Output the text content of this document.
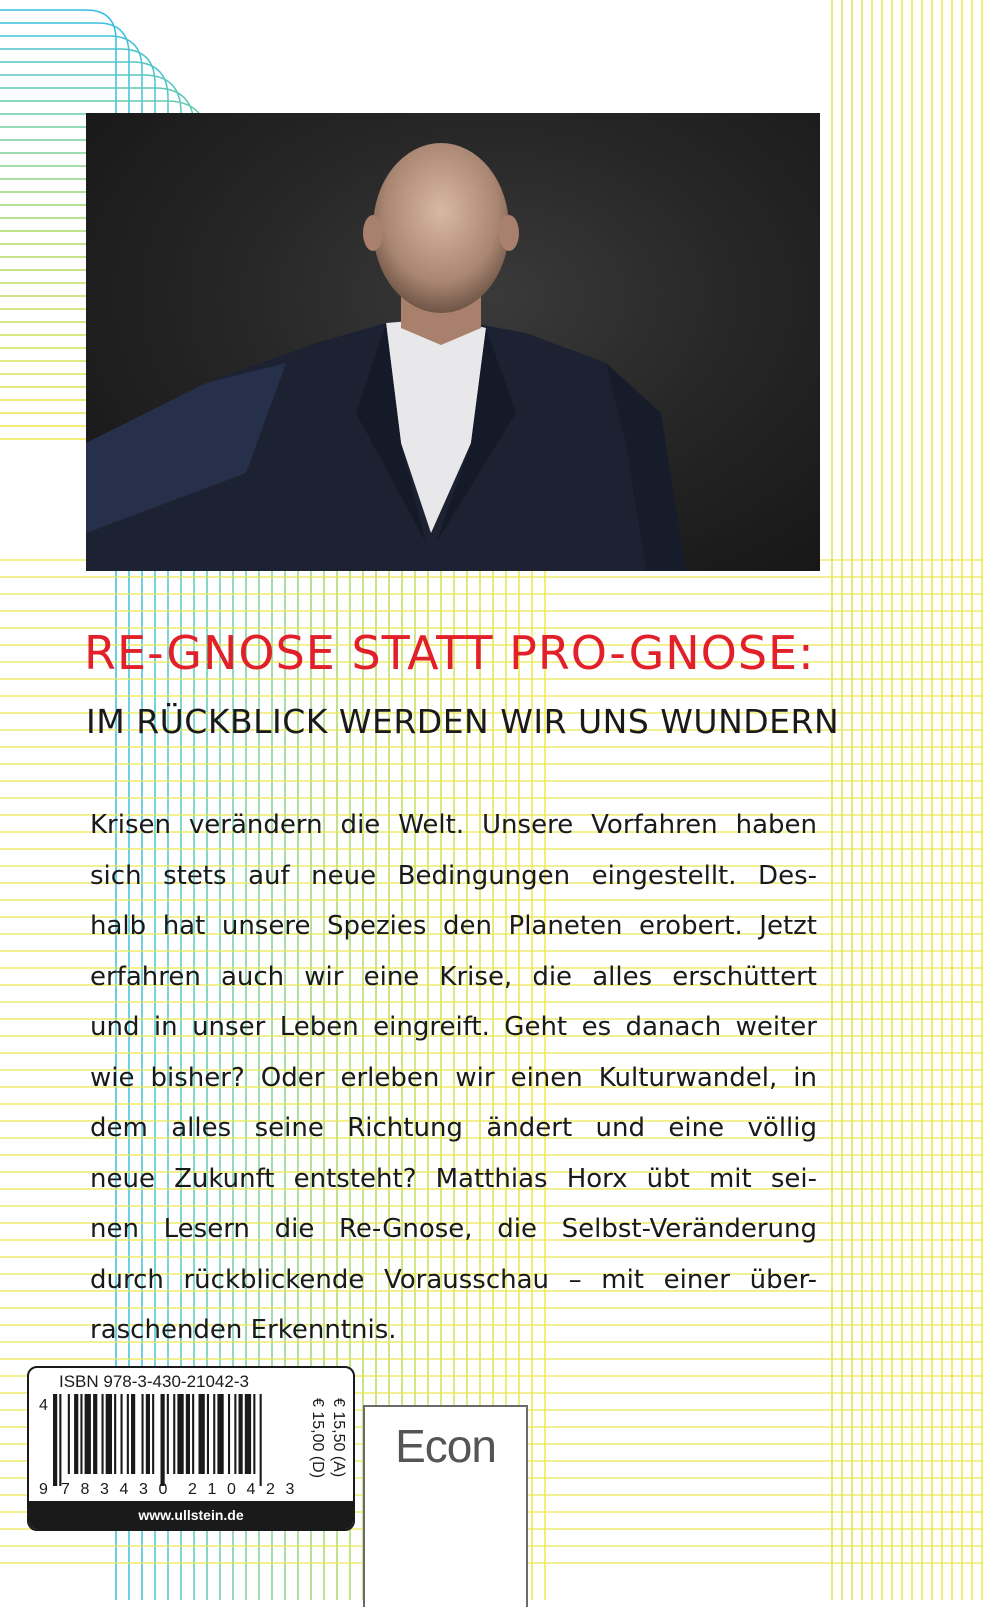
RE-GNOSE STATT PRO-GNOSE:
IM RÜCKBLICK WERDEN WIR UNS WUNDERN
Krisen verändern die Welt. Unsere Vorfahren haben
sich stets auf neue Bedingungen eingestellt. Des-
halb hat unsere Spezies den Planeten erobert. Jetzt
erfahren auch wir eine Krise, die alles erschüttert
und in unser Leben eingreift. Geht es danach weiter
wie bisher? Oder erleben wir einen Kulturwandel, in
dem alles seine Richtung ändert und eine völlig
neue Zukunft entsteht? Matthias Horx übt mit sei-
nen Lesern die Re-Gnose, die Selbst-Veränderung
durch rückblickende Vorausschau – mit einer über-
raschenden Erkenntnis.
ISBN 978-3-430-21042-3
4
9 7 8 3 4 3 0 2 1 0 4 2 3
€ 15,00 (D) € 15,50 (A)
www.ullstein.de
Econ
